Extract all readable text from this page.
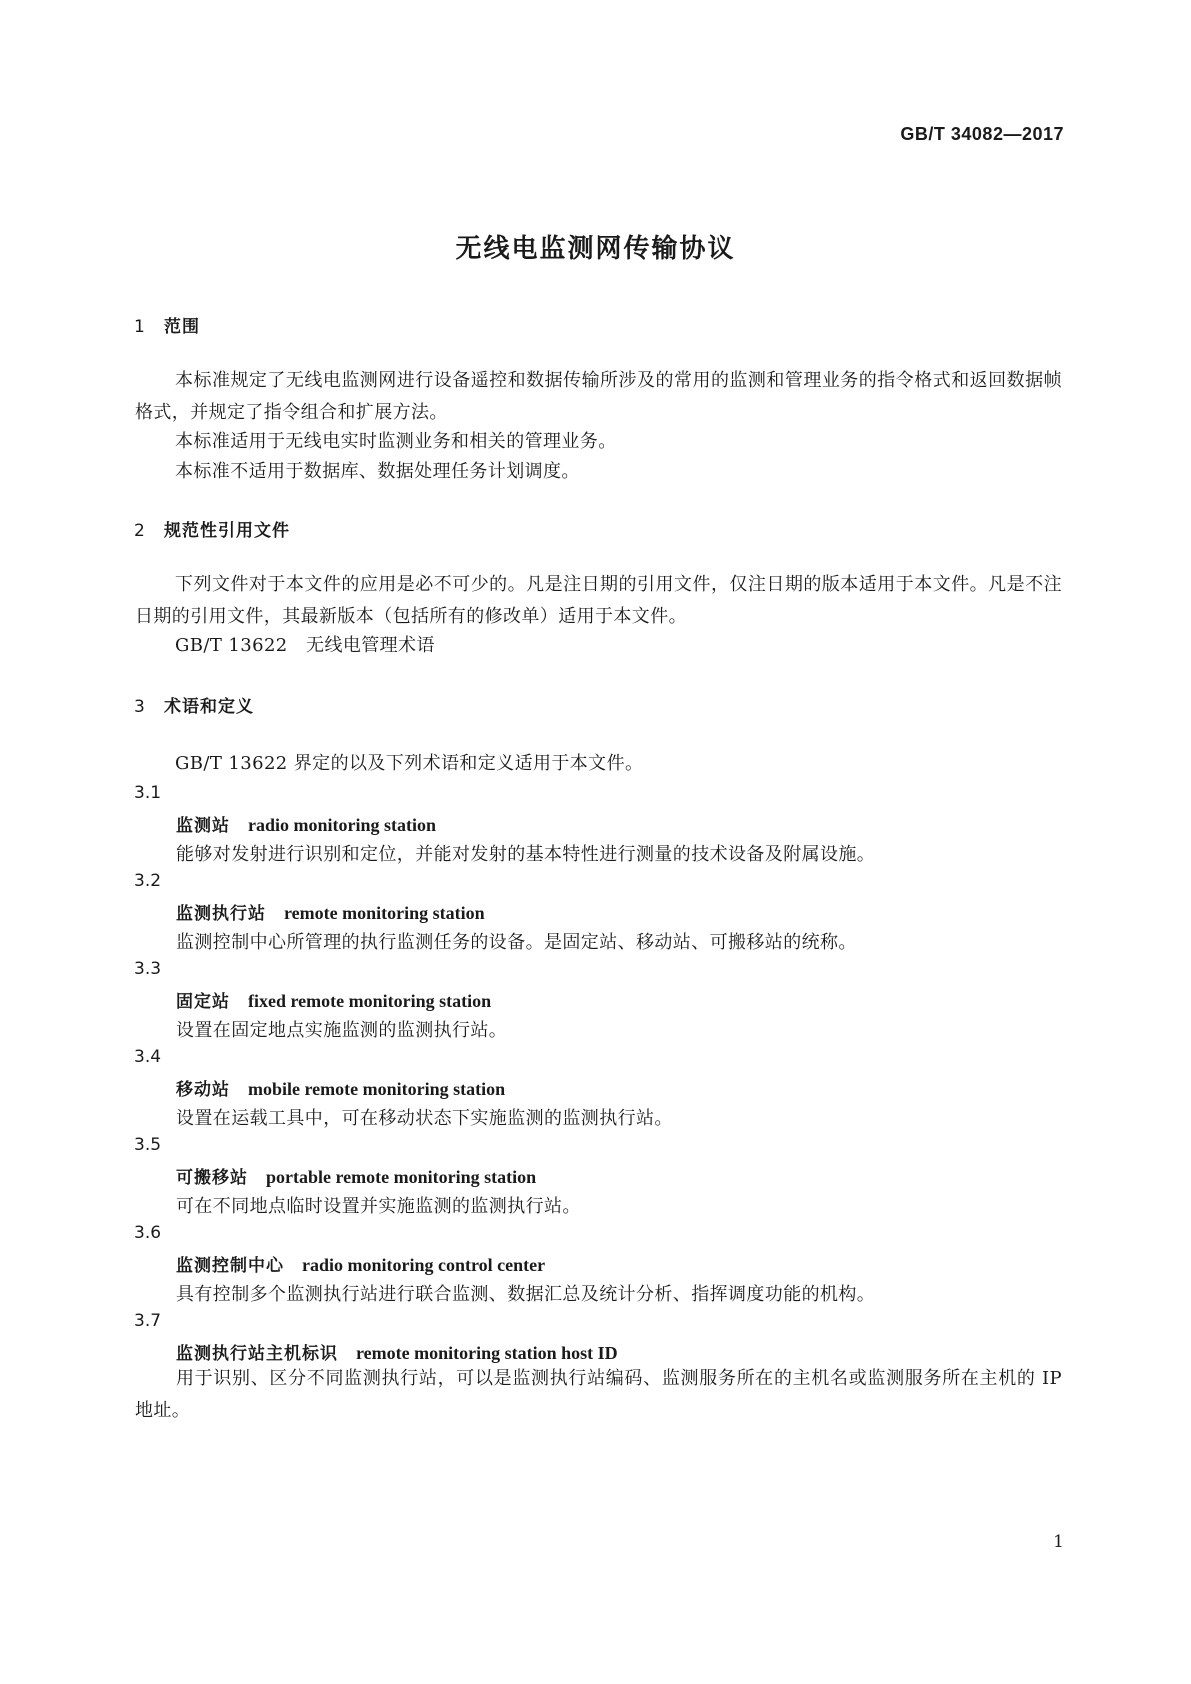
GB/T 34082—2017
无线电监测网传输协议
1 范围
本标准规定了无线电监测网进行设备遥控和数据传输所涉及的常用的监测和管理业务的指令格式和返回数据帧格式，并规定了指令组合和扩展方法。
本标准适用于无线电实时监测业务和相关的管理业务。
本标准不适用于数据库、数据处理任务计划调度。
2 规范性引用文件
下列文件对于本文件的应用是必不可少的。凡是注日期的引用文件，仅注日期的版本适用于本文件。凡是不注日期的引用文件，其最新版本（包括所有的修改单）适用于本文件。
GB/T 13622　无线电管理术语
3 术语和定义
GB/T 13622 界定的以及下列术语和定义适用于本文件。
3.1
监测站 radio monitoring station
能够对发射进行识别和定位，并能对发射的基本特性进行测量的技术设备及附属设施。
3.2
监测执行站 remote monitoring station
监测控制中心所管理的执行监测任务的设备。是固定站、移动站、可搬移站的统称。
3.3
固定站 fixed remote monitoring station
设置在固定地点实施监测的监测执行站。
3.4
移动站 mobile remote monitoring station
设置在运载工具中，可在移动状态下实施监测的监测执行站。
3.5
可搬移站 portable remote monitoring station
可在不同地点临时设置并实施监测的监测执行站。
3.6
监测控制中心 radio monitoring control center
具有控制多个监测执行站进行联合监测、数据汇总及统计分析、指挥调度功能的机构。
3.7
监测执行站主机标识 remote monitoring station host ID
用于识别、区分不同监测执行站，可以是监测执行站编码、监测服务所在的主机名或监测服务所在主机的 IP 地址。
1
